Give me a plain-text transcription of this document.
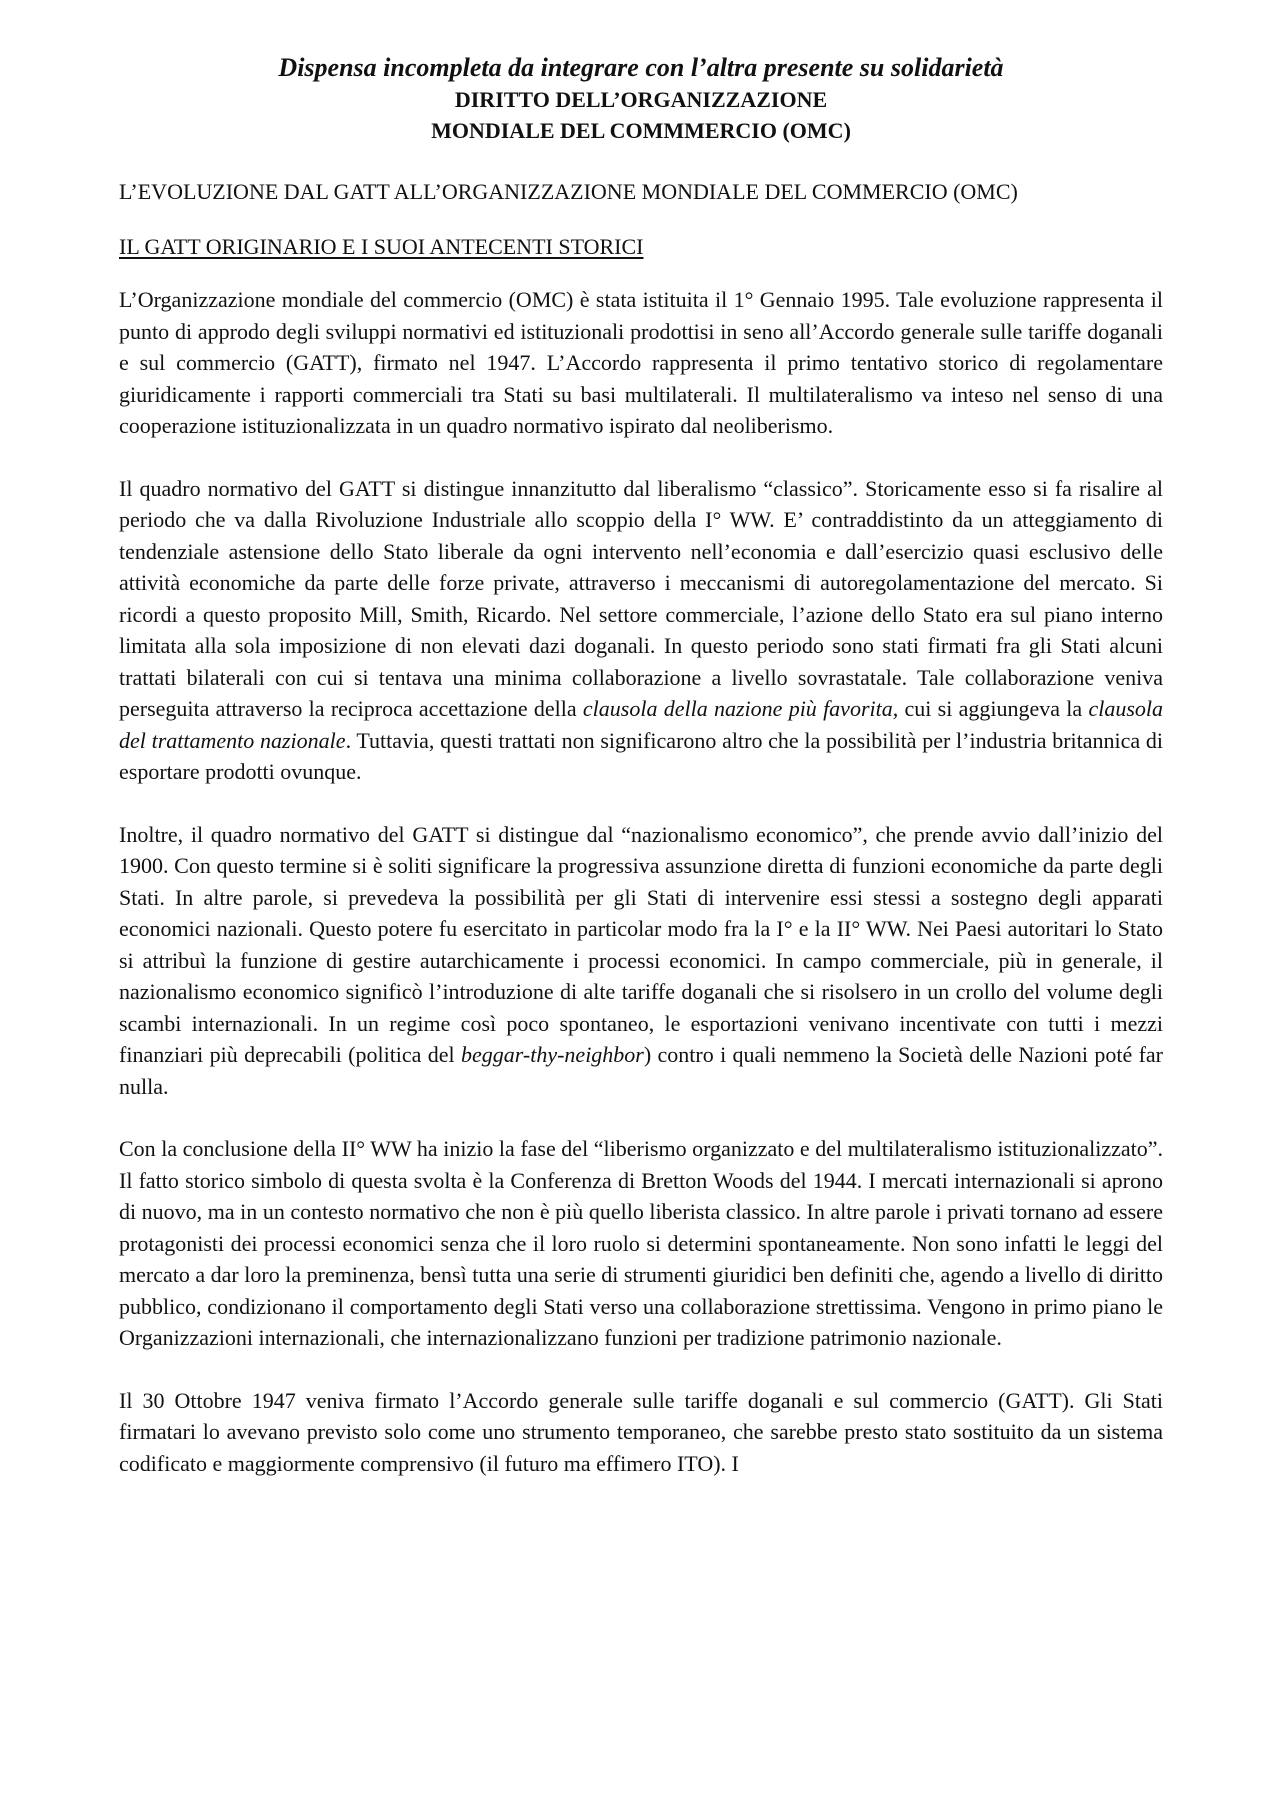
Dispensa incompleta da integrare con l’altra presente su solidarietà
DIRITTO DELL’ORGANIZZAZIONE
MONDIALE DEL COMMMERCIO (OMC)
L’EVOLUZIONE DAL GATT ALL’ORGANIZZAZIONE MONDIALE DEL COMMERCIO (OMC)
IL GATT ORIGINARIO E I SUOI ANTECENTI STORICI

L’Organizzazione mondiale del commercio (OMC) è stata istituita il 1° Gennaio 1995. Tale evoluzione rappresenta il punto di approdo degli sviluppi normativi ed istituzionali prodottisi in seno all’Accordo generale sulle tariffe doganali e sul commercio (GATT), firmato nel 1947. L’Accordo rappresenta il primo tentativo storico di regolamentare giuridicamente i rapporti commerciali tra Stati su basi multilaterali. Il multilateralismo va inteso nel senso di una cooperazione istituzionalizzata in un quadro normativo ispirato dal neoliberismo.

Il quadro normativo del GATT si distingue innanzitutto dal liberalismo “classico”. Storicamente esso si fa risalire al periodo che va dalla Rivoluzione Industriale allo scoppio della I° WW. E’ contraddistinto da un atteggiamento di tendenziale astensione dello Stato liberale da ogni intervento nell’economia e dall’esercizio quasi esclusivo delle attività economiche da parte delle forze private, attraverso i meccanismi di autoregolamentazione del mercato. Si ricordi a questo proposito Mill, Smith, Ricardo. Nel settore commerciale, l’azione dello Stato era sul piano interno limitata alla sola imposizione di non elevati dazi doganali. In questo periodo sono stati firmati fra gli Stati alcuni trattati bilaterali con cui si tentava una minima collaborazione a livello sovrastatale. Tale collaborazione veniva perseguita attraverso la reciproca accettazione della clausola della nazione più favorita, cui si aggiungeva la clausola del trattamento nazionale. Tuttavia, questi trattati non significarono altro che la possibilità per l’industria britannica di esportare prodotti ovunque.

Inoltre, il quadro normativo del GATT si distingue dal “nazionalismo economico”, che prende avvio dall’inizio del 1900. Con questo termine si è soliti significare la progressiva assunzione diretta di funzioni economiche da parte degli Stati. In altre parole, si prevedeva la possibilità per gli Stati di intervenire essi stessi a sostegno degli apparati economici nazionali. Questo potere fu esercitato in particolar modo fra la I° e la II° WW. Nei Paesi autoritari lo Stato si attribuì la funzione di gestire autarchicamente i processi economici. In campo commerciale, più in generale, il nazionalismo economico significò l’introduzione di alte tariffe doganali che si risolsero in un crollo del volume degli scambi internazionali. In un regime così poco spontaneo, le esportazioni venivano incentivate con tutti i mezzi finanziari più deprecabili (politica del beggar-thy-neighbor) contro i quali nemmeno la Società delle Nazioni poté far nulla.

Con la conclusione della II° WW ha inizio la fase del “liberismo organizzato e del multilateralismo istituzionalizzato”. Il fatto storico simbolo di questa svolta è la Conferenza di Bretton Woods del 1944. I mercati internazionali si aprono di nuovo, ma in un contesto normativo che non è più quello liberista classico. In altre parole i privati tornano ad essere protagonisti dei processi economici senza che il loro ruolo si determini spontaneamente. Non sono infatti le leggi del mercato a dar loro la preminenza, bensì tutta una serie di strumenti giuridici ben definiti che, agendo a livello di diritto pubblico, condizionano il comportamento degli Stati verso una collaborazione strettissima. Vengono in primo piano le Organizzazioni internazionali, che internazionalizzano funzioni per tradizione patrimonio nazionale.

Il 30 Ottobre 1947 veniva firmato l’Accordo generale sulle tariffe doganali e sul commercio (GATT). Gli Stati firmatari lo avevano previsto solo come uno strumento temporaneo, che sarebbe presto stato sostituito da un sistema codificato e maggiormente comprensivo (il futuro ma effimero ITO). I
